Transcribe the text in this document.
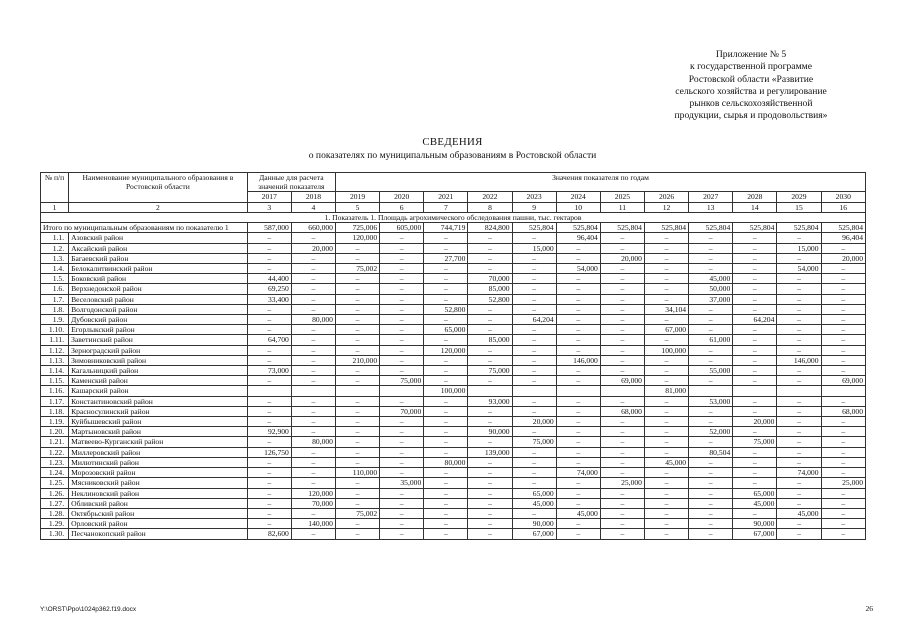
Приложение № 5
к государственной программе
Ростовской области «Развитие
сельского хозяйства и регулирование
рынков сельскохозяйственной
продукции, сырья и продовольствия»
СВЕДЕНИЯ
о показателях по муниципальным образованиям в Ростовской области
№ п/п	Наименование муниципального образования в Ростовской области	Данные для расчета значений показателя		Значения показателя по годам											
		2017	2018	2019	2020	2021	2022	2023	2024	2025	2026	2027	2028	2029	2030
1	2	3	4	5	6	7	8	9	10	11	12	13	14	15	16
1. Показатель 1. Площадь агрохимического обследования пашни, тыс. гектаров															
Итого по муниципальным образованиям по показателю 1		587,000	660,000	725,006	605,000	744,719	824,800	525,804	525,804	525,804	525,804	525,804	525,804	525,804	525,804
1.1.	Азовский район	–	–	120,000	–	–	–	–	96,404	–	–	–	–	–	96,404
1.2.	Аксайский район	–	20,000	–	–	–	–	15,000	–	–	–	–	–	15,000	–
1.3.	Багаевский район	–	–	–	–	27,700	–	–	–	20,000	–	–	–	–	20,000
1.4.	Белокалитвинский район	–	–	75,002	–	–	–	–	54,000	–	–	–	–	54,000	–
1.5.	Боковский район	44,400	–	–	–	–	70,000	–	–	–	–	45,000	–	–	–
1.6.	Верхнедонской район	69,250	–	–	–	–	85,000	–	–	–	–	50,000	–	–	–
1.7.	Веселовский район	33,400	–	–	–	–	52,800	–	–	–	–	37,000	–	–	–
1.8.	Волгодонской район	–	–	–	–	52,800	–	–	–	–	34,104	–	–	–	–
1.9.	Дубовский район	–	80,000	–	–	–	–	64,204	–	–	–	–	64,204	–	–
1.10.	Егорлыкский район	–	–	–	–	65,000	–	–	–	–	67,000	–	–	–	–
1.11.	Заветинский район	64,700	–	–	–	–	85,000	–	–	–	–	61,000	–	–	–
1.12.	Зерноградский район	–	–	–	–	120,000	–	–	–	–	100,000	–	–	–	–
1.13.	Зимовниковский район	–	–	210,000	–	–	–	–	146,000	–	–	–	–	146,000	–
1.14.	Кагальницкий район	73,000	–	–	–	–	75,000	–	–	–	–	55,000	–	–	–
1.15.	Каменский район	–	–	–	75,000	–	–	–	–	69,000	–	–	–	–	69,000
1.16.	Кашарский район					100,000					81,000				
1.17.	Константиновский район	–	–	–	–	–	93,000	–	–	–	–	53,000	–	–	–
1.18.	Красносулинский район	–	–	–	70,000	–	–	–	–	68,000	–	–	–	–	68,000
1.19.	Куйбышевский район	–	–	–	–	–	–	20,000	–	–	–	–	20,000	–	–
1.20.	Мартыновский район	92,900	–	–	–	–	90,000	–	–	–	–	52,000	–	–	–
1.21.	Матвеево-Курганский район	–	80,000	–	–	–	–	75,000	–	–	–	–	75,000	–	–
1.22.	Миллеровский район	126,750	–	–	–	–	139,000	–	–	–	–	80,504	–	–	–
1.23.	Милютинский район	–	–	–	–	80,000	–	–	–	–	45,000	–	–	–	–
1.24.	Морозовский район	–	–	110,000	–	–	–	–	74,000	–	–	–	–	74,000	–
1.25.	Мясниковский район	–	–	–	35,000	–	–	–	–	25,000	–	–	–	–	25,000
1.26.	Неклиновский район	–	120,000	–	–	–	–	65,000	–	–	–	–	65,000	–	–
1.27.	Обливский район	–	70,000	–	–	–	–	45,000	–	–	–	–	45,000	–	–
1.28.	Октябрьский район	–	–	75,002	–	–	–	–	45,000	–	–	–	–	45,000	–
1.29.	Орловский район	–	140,000	–	–	–	–	90,000	–	–	–	–	90,000	–	–
1.30.	Песчанокопский район	82,600	–	–	–	–	–	67,000	–	–	–	–	67,000	–	–
Y:\ORST\Ppo\1024p362.f19.docx	26
